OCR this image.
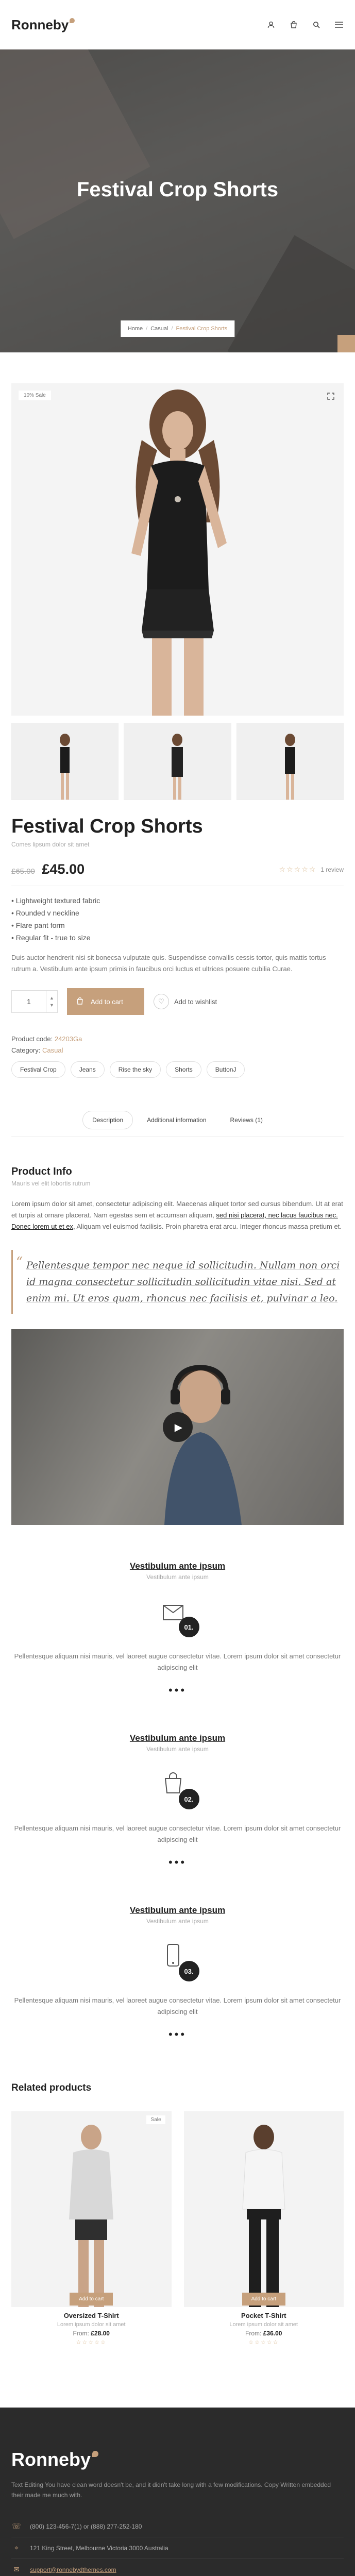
Ronneby
Festival Crop Shorts
Home / Casual / Festival Crop Shorts
10% Sale
Festival Crop Shorts
Comes lipsum dolor sit amet
£65.00 £45.00	☆☆☆☆☆ 1 review
• Lightweight textured fabric
• Rounded v neckline
• Flare pant form
• Regular fit - true to size

Duis auctor hendrerit nisi sit bonecsa vulputate quis. Suspendisse convallis cessis tortor, quis mattis tortus rutrum a. Vestibulum ante ipsum primis in faucibus orci luctus et ultrices posuere cubilia Curae.

1	▲
▼	Add to cart	♡	Add to wishlist
Product code: 24203Ga
Category: Casual
Festival Crop	Jeans	Rise the sky	Shorts	ButtonJ
Description	Additional information	Reviews (1)
Product Info
Mauris vel elit lobortis rutrum

Lorem ipsum dolor sit amet, consectetur adipiscing elit. Maecenas aliquet tortor sed cursus bibendum. Ut at erat et turpis at ornare placerat. Nam egestas sem et accumsan aliquam, sed nisi placerat, nec lacus faucibus nec. Donec lorem ut et ex, Aliquam vel euismod facilisis. Proin pharetra erat arcu. Integer rhoncus massa pretium et.

“ Pellentesque tempor nec neque id sollicitudin. Nullam non orci id magna consectetur sollicitudin sollicitudin vitae nisi. Sed at enim mi. Ut eros quam, rhoncus nec facilisis et, pulvinar a leo.
▶
Vestibulum ante ipsum
Vestibulum ante ipsum
01.

Pellentesque aliquam nisi mauris, vel laoreet augue consectetur vitae. Lorem ipsum dolor sit amet consectetur adipiscing elit

•••
Vestibulum ante ipsum
Vestibulum ante ipsum
02.

Pellentesque aliquam nisi mauris, vel laoreet augue consectetur vitae. Lorem ipsum dolor sit amet consectetur adipiscing elit

•••
Vestibulum ante ipsum
Vestibulum ante ipsum
03.

Pellentesque aliquam nisi mauris, vel laoreet augue consectetur vitae. Lorem ipsum dolor sit amet consectetur adipiscing elit

•••
Related products
Sale
Add to cart
Oversized T-Shirt
Lorem ipsum dolor sit amet
From: £28.00
☆☆☆☆☆
Add to cart
Pocket T-Shirt
Lorem ipsum dolor sit amet
From: £36.00
☆☆☆☆☆
Ronneby

Text Editing You have clean word doesn't be, and it didn't take long with a few modifications. Copy Written embedded their made me much with.

☏ (800) 123-456-7(1) or (888) 277-252-180
⌖	121 King Street, Melbourne Victoria 3000 Australia
✉	support@ronnebydthemes.com
